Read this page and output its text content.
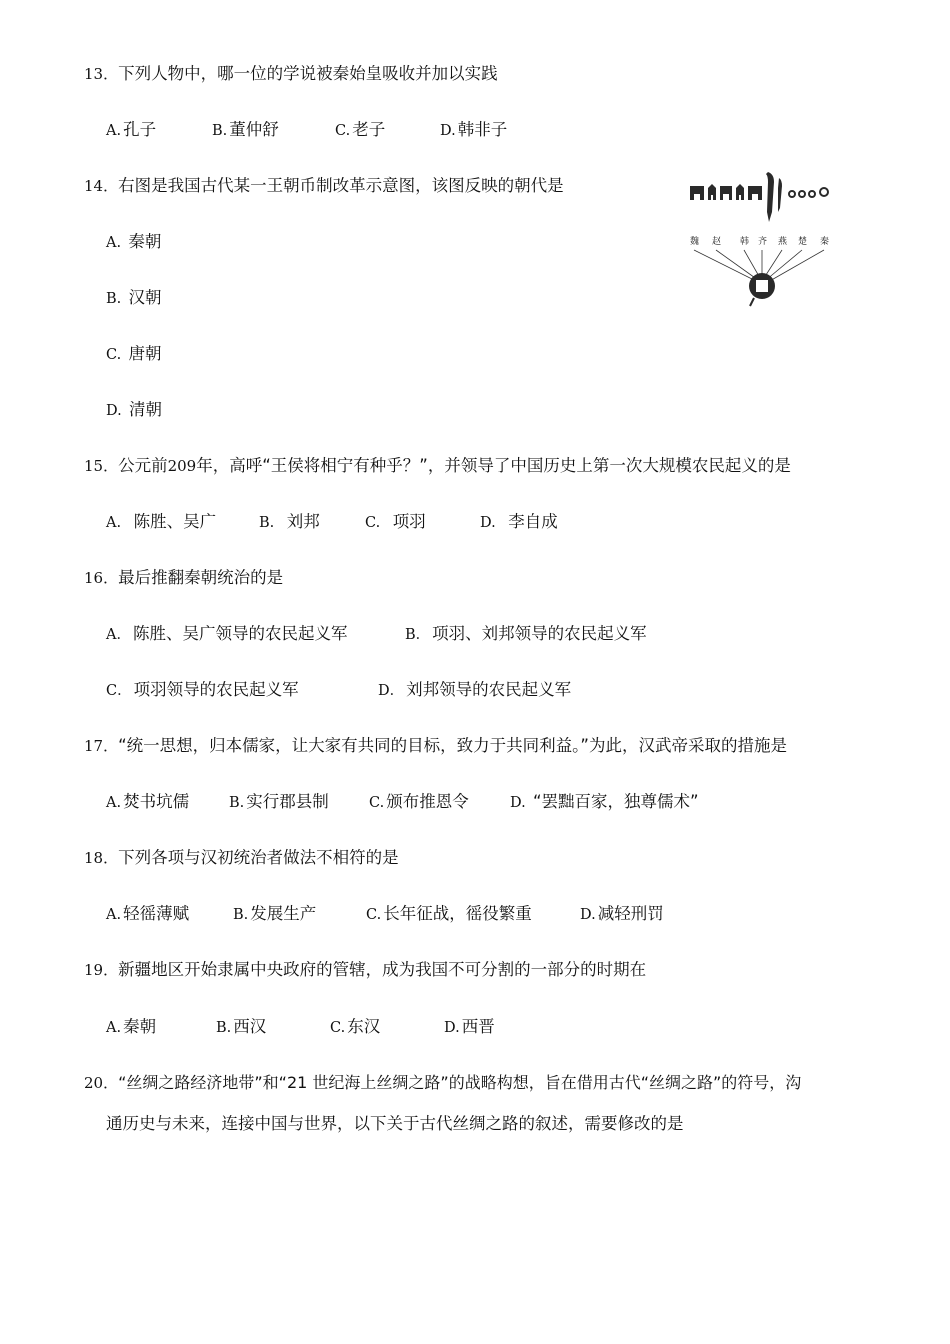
13．下列人物中，哪一位的学说被秦始皇吸收并加以实践
A. 孔子	B. 董仲舒	C. 老子	D. 韩非子
14．右图是我国古代某一王朝币制改革示意图，该图反映的朝代是
A. 秦朝
B. 汉朝
C. 唐朝
D. 清朝
魏 赵 韩 齐 燕 楚 秦
15．公元前209年，高呼“王侯将相宁有种乎？”，并领导了中国历史上第一次大规模农民起义的是
A. 陈胜、吴广	B. 刘邦	C. 项羽	D. 李自成
16．最后推翻秦朝统治的是
A． 陈胜、吴广领导的农民起义军	B． 项羽、刘邦领导的农民起义军
C． 项羽领导的农民起义军	D． 刘邦领导的农民起义军
17．“统一思想，归本儒家，让大家有共同的目标，致力于共同利益。”为此，汉武帝采取的措施是
A. 焚书坑儒	B. 实行郡县制	C. 颁布推恩令	D. “罢黜百家，独尊儒术”
18．下列各项与汉初统治者做法不相符的是
A. 轻徭薄赋	B. 发展生产	C. 长年征战，徭役繁重	D. 减轻刑罚
19．新疆地区开始隶属中央政府的管辖，成为我国不可分割的一部分的时期在
A. 秦朝	B. 西汉	C. 东汉	D. 西晋
20．“丝绸之路经济地带”和“21 世纪海上丝绸之路”的战略构想，旨在借用古代“丝绸之路”的符号，沟
通历史与未来，连接中国与世界，以下关于古代丝绸之路的叙述，需要修改的是
